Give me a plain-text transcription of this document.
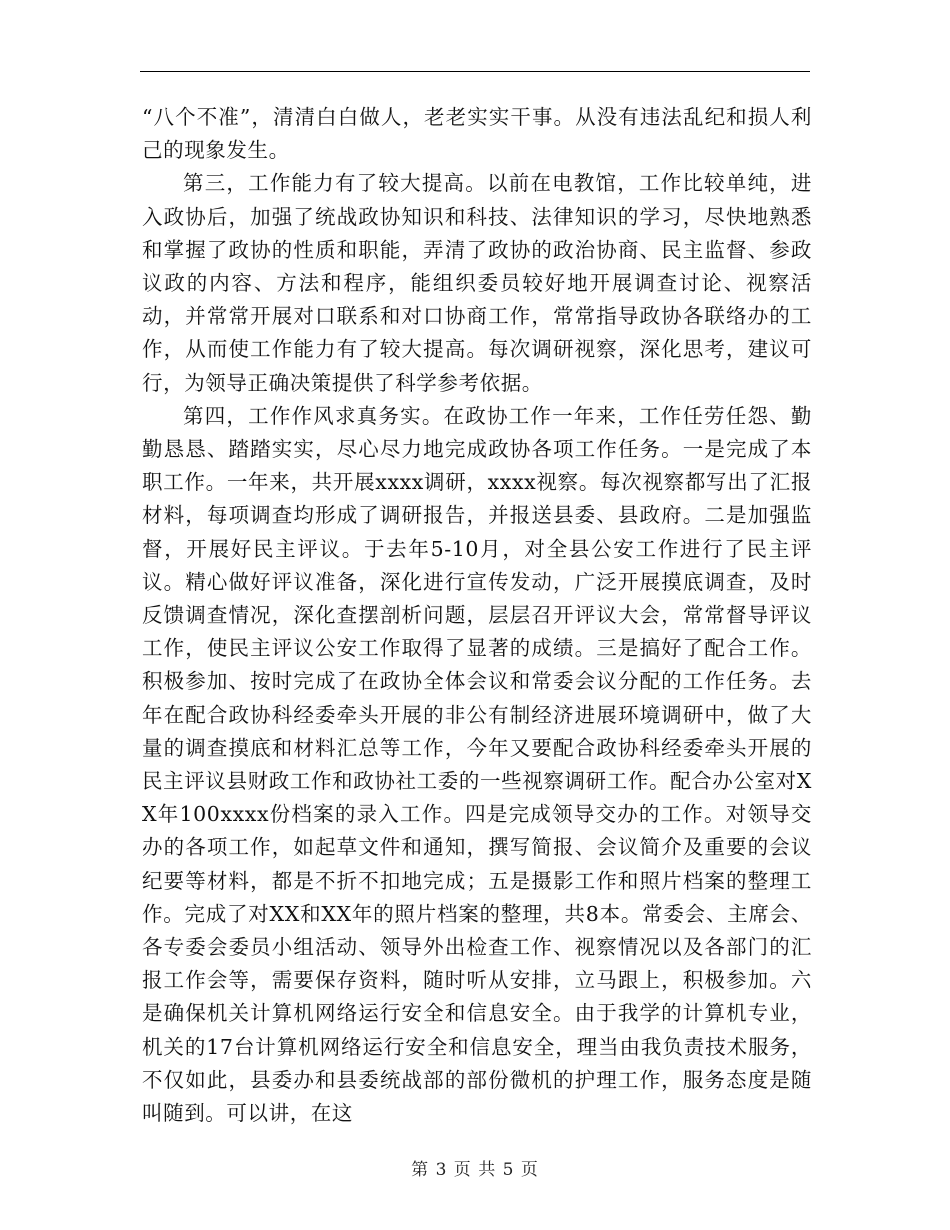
“八个不准”，清清白白做人，老老实实干事。从没有违法乱纪和损人利己的现象发生。

第三，工作能力有了较大提高。以前在电教馆，工作比较单纯，进入政协后，加强了统战政协知识和科技、法律知识的学习，尽快地熟悉和掌握了政协的性质和职能，弄清了政协的政治协商、民主监督、参政议政的内容、方法和程序，能组织委员较好地开展调查讨论、视察活动，并常常开展对口联系和对口协商工作，常常指导政协各联络办的工作，从而使工作能力有了较大提高。每次调研视察，深化思考，建议可行，为领导正确决策提供了科学参考依据。

第四，工作作风求真务实。在政协工作一年来，工作任劳任怨、勤勤恳恳、踏踏实实，尽心尽力地完成政协各项工作任务。一是完成了本职工作。一年来，共开展xxxx调研，xxxx视察。每次视察都写出了汇报材料，每项调查均形成了调研报告，并报送县委、县政府。二是加强监督，开展好民主评议。于去年5-10月，对全县公安工作进行了民主评议。精心做好评议准备，深化进行宣传发动，广泛开展摸底调查，及时反馈调查情况，深化查摆剖析问题，层层召开评议大会，常常督导评议工作，使民主评议公安工作取得了显著的成绩。三是搞好了配合工作。积极参加、按时完成了在政协全体会议和常委会议分配的工作任务。去年在配合政协科经委牵头开展的非公有制经济进展环境调研中，做了大量的调查摸底和材料汇总等工作，今年又要配合政协科经委牵头开展的民主评议县财政工作和政协社工委的一些视察调研工作。配合办公室对XX年100xxxx份档案的录入工作。四是完成领导交办的工作。对领导交办的各项工作，如起草文件和通知，撰写简报、会议简介及重要的会议纪要等材料，都是不折不扣地完成；五是摄影工作和照片档案的整理工作。完成了对XX和XX年的照片档案的整理，共8本。常委会、主席会、各专委会委员小组活动、领导外出检查工作、视察情况以及各部门的汇报工作会等，需要保存资料，随时听从安排，立马跟上，积极参加。六是确保机关计算机网络运行安全和信息安全。由于我学的计算机专业，机关的17台计算机网络运行安全和信息安全，理当由我负责技术服务，不仅如此，县委办和县委统战部的部份微机的护理工作，服务态度是随叫随到。可以讲，在这

第 3 页 共 5 页
